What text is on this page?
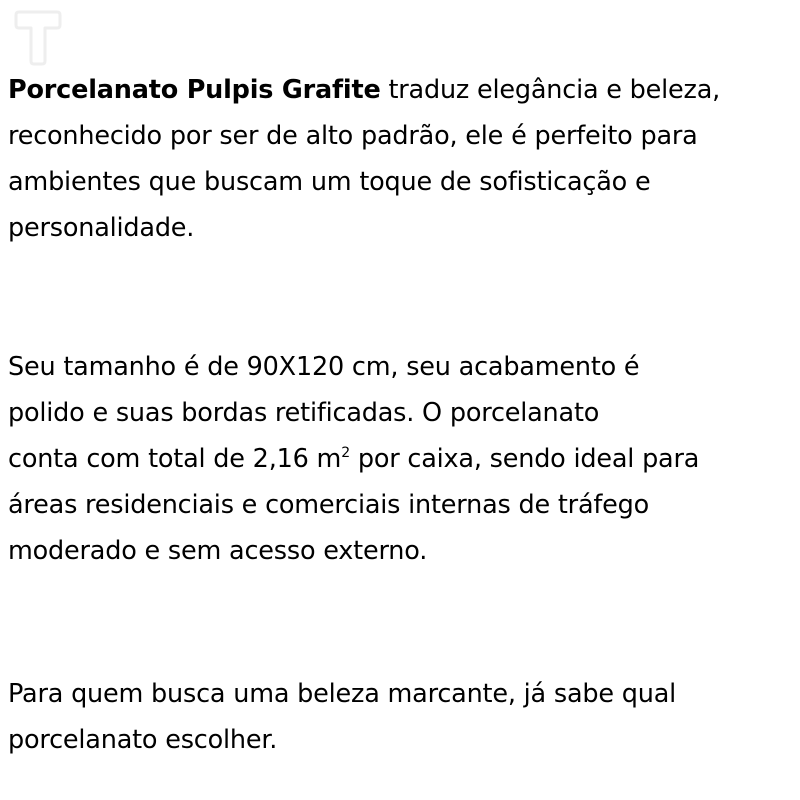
Porcelanato Pulpis Grafite traduz elegância e beleza,
reconhecido por ser de alto padrão, ele é perfeito para
ambientes que buscam um toque de sofisticação e
personalidade.

Seu tamanho é de 90X120 cm, seu acabamento é
polido e suas bordas retificadas. O porcelanato
conta com total de 2,16 $m^2$ por caixa, sendo ideal para
áreas residenciais e comerciais internas de tráfego
moderado e sem acesso externo.

Para quem busca uma beleza marcante, já sabe qual
porcelanato escolher.
